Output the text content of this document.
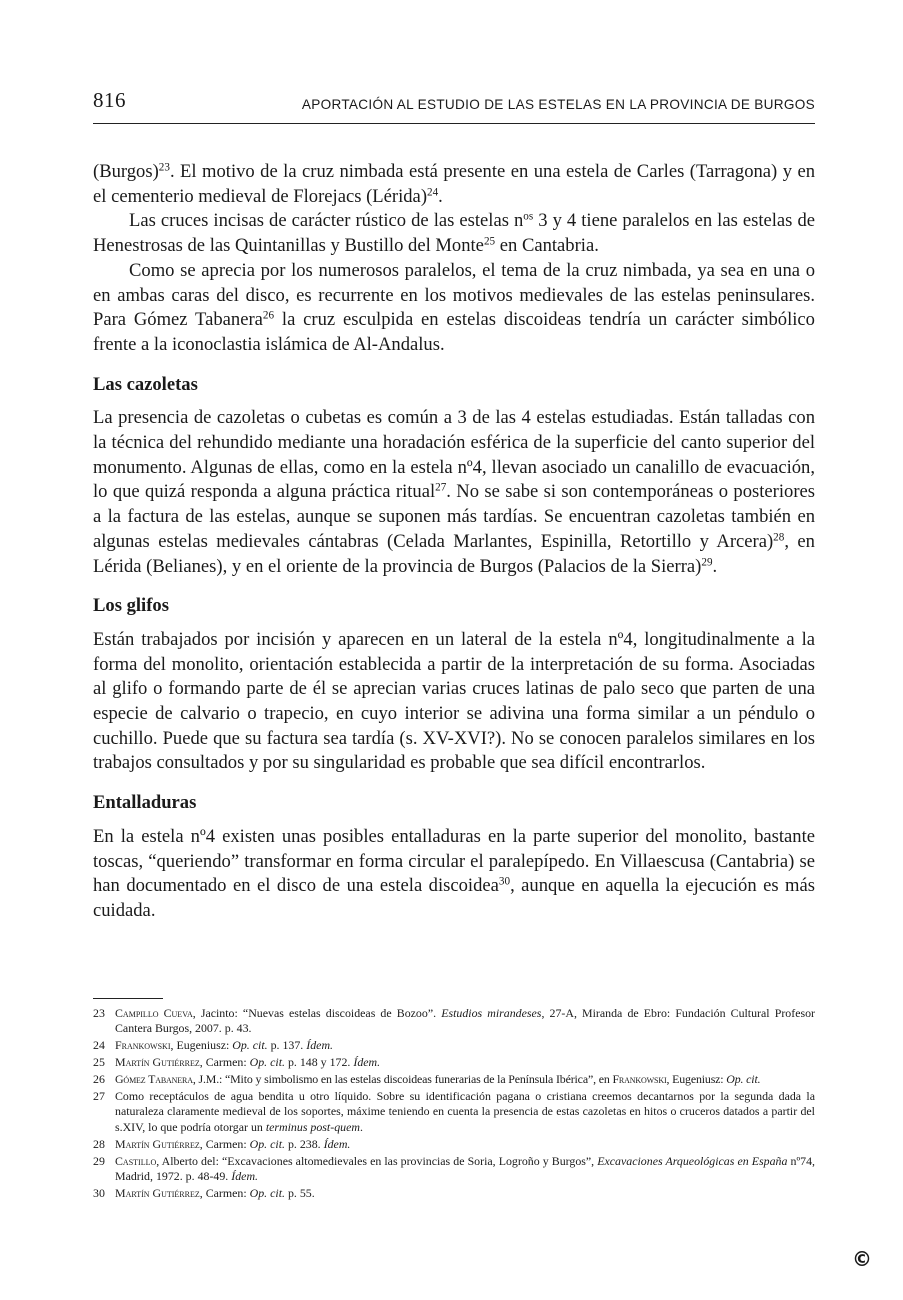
816	APORTACIÓN AL ESTUDIO DE LAS ESTELAS EN LA PROVINCIA DE BURGOS

(Burgos)$^{23}$. El motivo de la cruz nimbada está presente en una estela de Carles (Tarragona) y en el cementerio medieval de Florejacs (Lérida)$^{24}$.

Las cruces incisas de carácter rústico de las estelas $n^{os}$ 3 y 4 tiene paralelos en las estelas de Henestrosas de las Quintanillas y Bustillo del Monte$^{25}$ en Cantabria.

Como se aprecia por los numerosos paralelos, el tema de la cruz nimbada, ya sea en una o en ambas caras del disco, es recurrente en los motivos medievales de las estelas peninsulares. Para Gómez Tabanera$^{26}$ la cruz esculpida en estelas discoideas tendría un carácter simbólico frente a la iconoclastia islámica de Al-Andalus.

Las cazoletas

La presencia de cazoletas o cubetas es común a 3 de las 4 estelas estudiadas. Están talladas con la técnica del rehundido mediante una horadación esférica de la superficie del canto superior del monumento. Algunas de ellas, como en la estela nº4, llevan asociado un canalillo de evacuación, lo que quizá responda a alguna práctica ritual$^{27}$. No se sabe si son contemporáneas o posteriores a la factura de las estelas, aunque se suponen más tardías. Se encuentran cazoletas también en algunas estelas medievales cántabras (Celada Marlantes, Espinilla, Retortillo y Arcera)$^{28}$, en Lérida (Belianes), y en el oriente de la provincia de Burgos (Palacios de la Sierra)$^{29}$.

Los glifos

Están trabajados por incisión y aparecen en un lateral de la estela nº4, longitudinalmente a la forma del monolito, orientación establecida a partir de la interpretación de su forma. Asociadas al glifo o formando parte de él se aprecian varias cruces latinas de palo seco que parten de una especie de calvario o trapecio, en cuyo interior se adivina una forma similar a un péndulo o cuchillo. Puede que su factura sea tardía (s. XV-XVI?). No se conocen paralelos similares en los trabajos consultados y por su singularidad es probable que sea difícil encontrarlos.

Entalladuras

En la estela nº4 existen unas posibles entalladuras en la parte superior del monolito, bastante toscas, “queriendo” transformar en forma circular el paralepípedo. En Villaescusa (Cantabria) se han documentado en el disco de una estela discoidea$^{30}$, aunque en aquella la ejecución es más cuidada.

23 Campillo Cueva, Jacinto: “Nuevas estelas discoideas de Bozoo”. Estudios mirandeses, 27-A, Miranda de Ebro: Fundación Cultural Profesor Cantera Burgos, 2007. p. 43.
24 Frankowski, Eugeniusz: Op. cit. p. 137. Ídem.
25 Martín Gutiérrez, Carmen: Op. cit. p. 148 y 172. Ídem.
26 Gómez Tabanera, J.M.: “Mito y simbolismo en las estelas discoideas funerarias de la Península Ibérica”, en Frankowski, Eugeniusz: Op. cit.
27 Como receptáculos de agua bendita u otro líquido. Sobre su identificación pagana o cristiana creemos decantarnos por la segunda dada la naturaleza claramente medieval de los soportes, máxime teniendo en cuenta la presencia de estas cazoletas en hitos o cruceros datados a partir del s.XIV, lo que podría otorgar un terminus post-quem.
28 Martín Gutiérrez, Carmen: Op. cit. p. 238. Ídem.
29 Castillo, Alberto del: “Excavaciones altomedievales en las provincias de Soria, Logroño y Burgos”, Excavaciones Arqueológicas en España nº74, Madrid, 1972. p. 48-49. Ídem.
30 Martín Gutiérrez, Carmen: Op. cit. p. 55.
©
